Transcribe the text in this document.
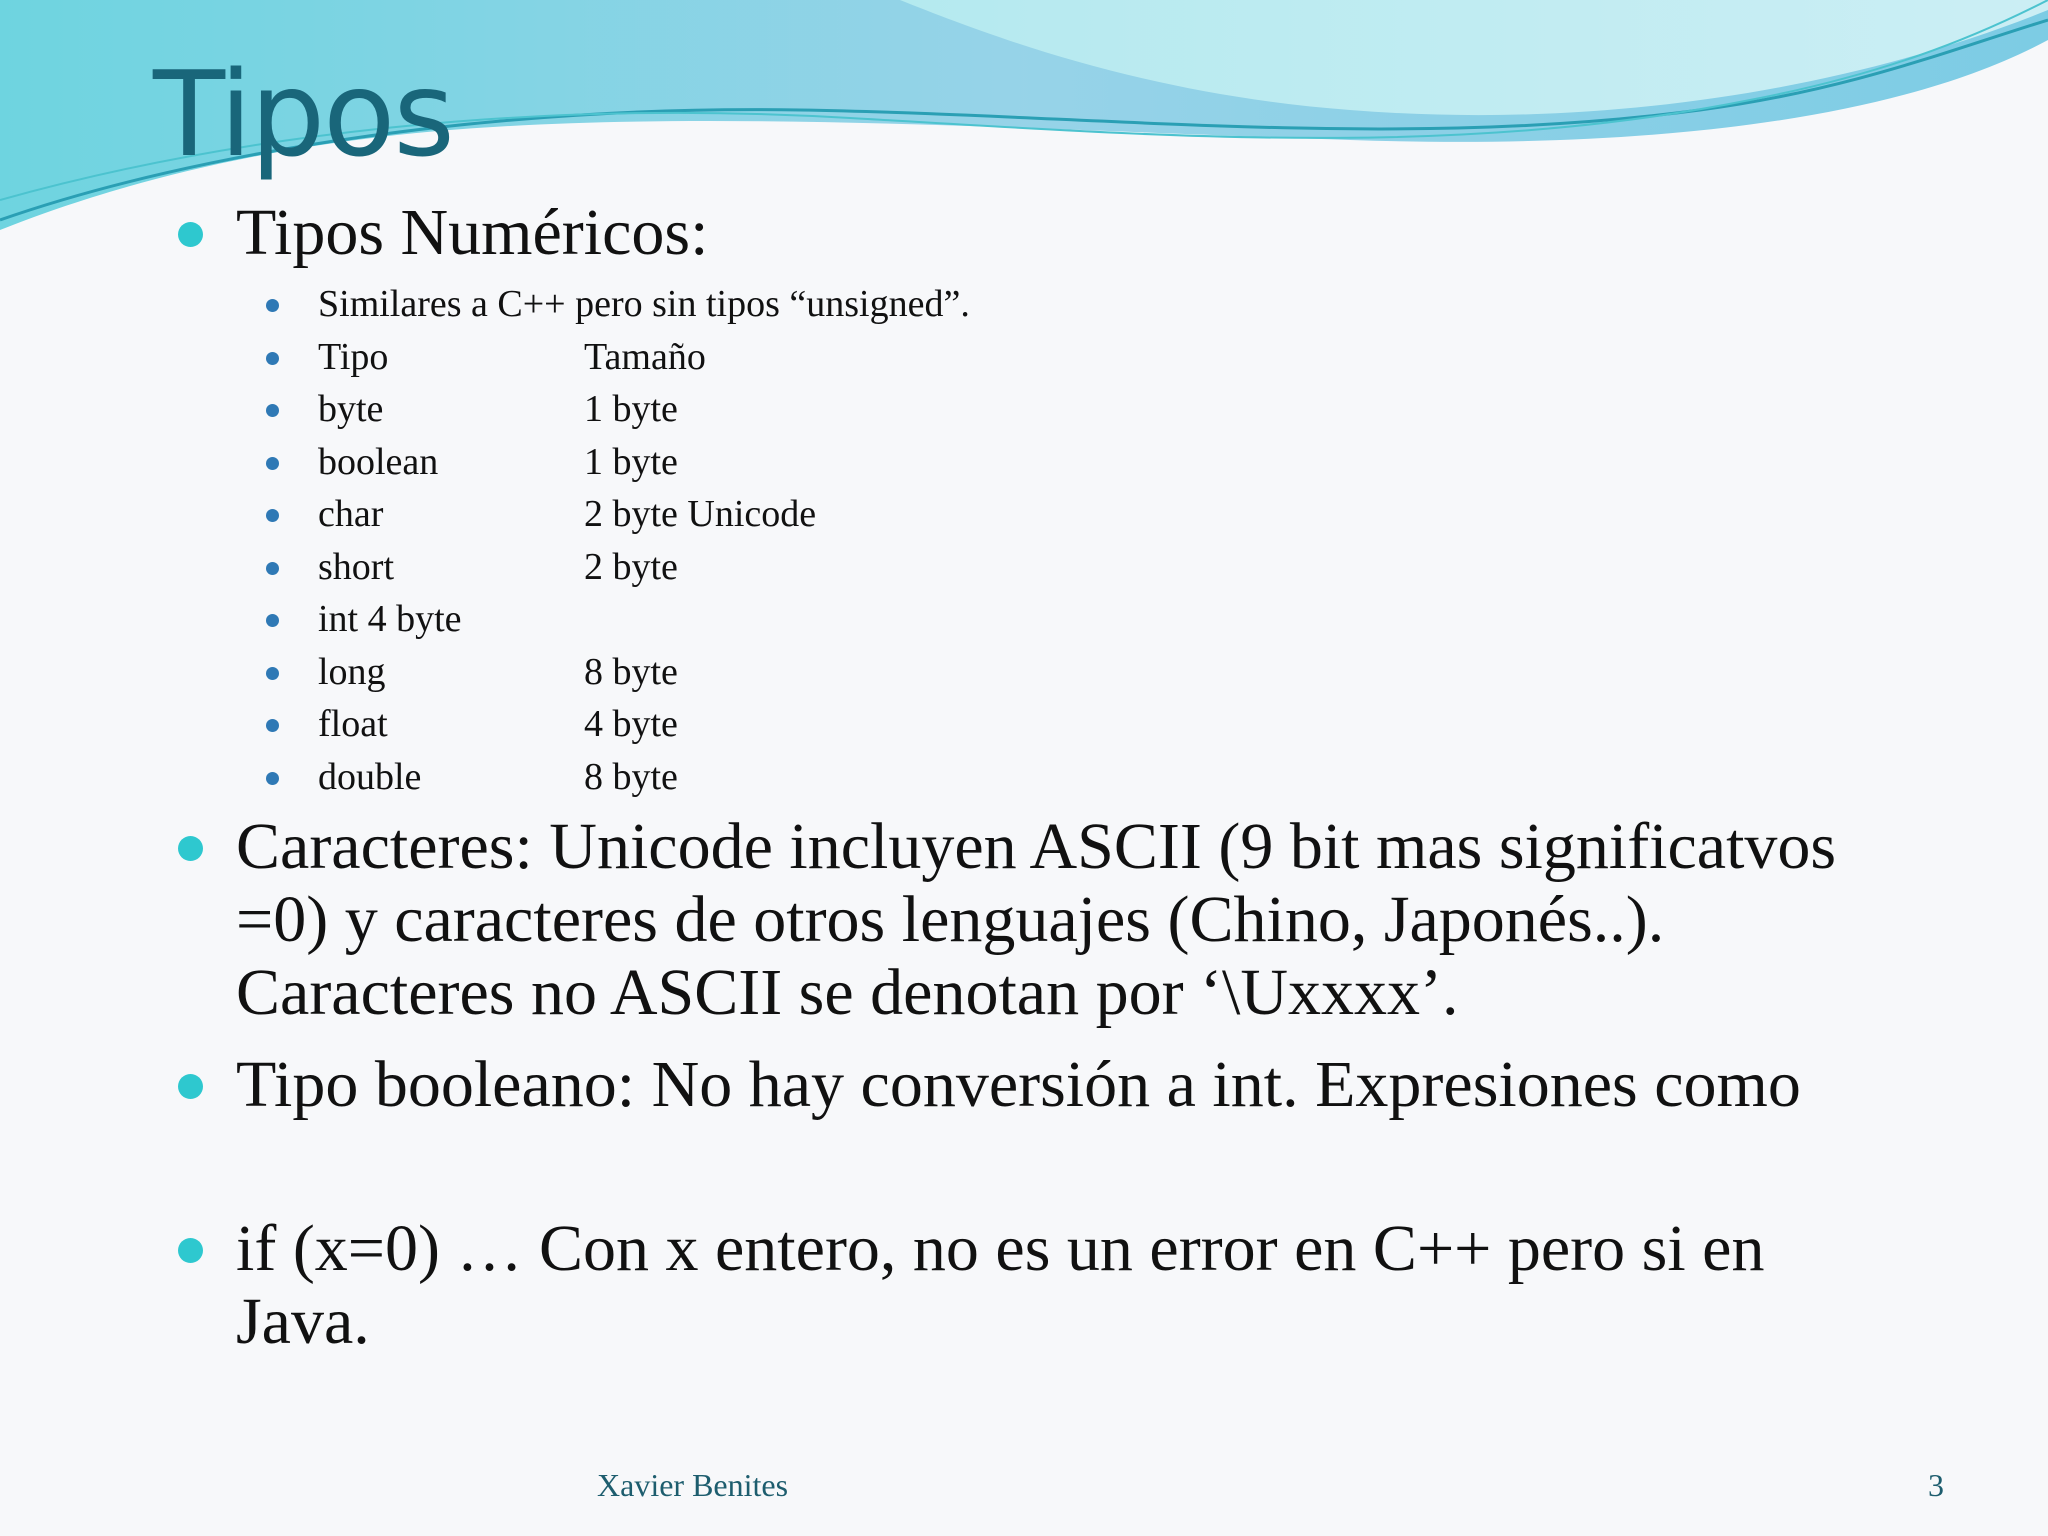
Tipos
Tipos Numéricos:
Similares a C++ pero sin tipos “unsigned”.
Tipo	Tamaño
byte	1 byte
boolean	1 byte
char	2 byte Unicode
short	2 byte
int 4 byte
long	8 byte
float	4 byte
double	8 byte
Caracteres: Unicode incluyen ASCII (9 bit mas significatvos =0) y caracteres de otros lenguajes (Chino, Japonés..). Caracteres no ASCII se denotan por ‘\Uxxxx’.
Tipo booleano: No hay conversión a int. Expresiones como
if (x=0) … Con x entero, no es un error en C++ pero si en Java.
Xavier Benites	3
